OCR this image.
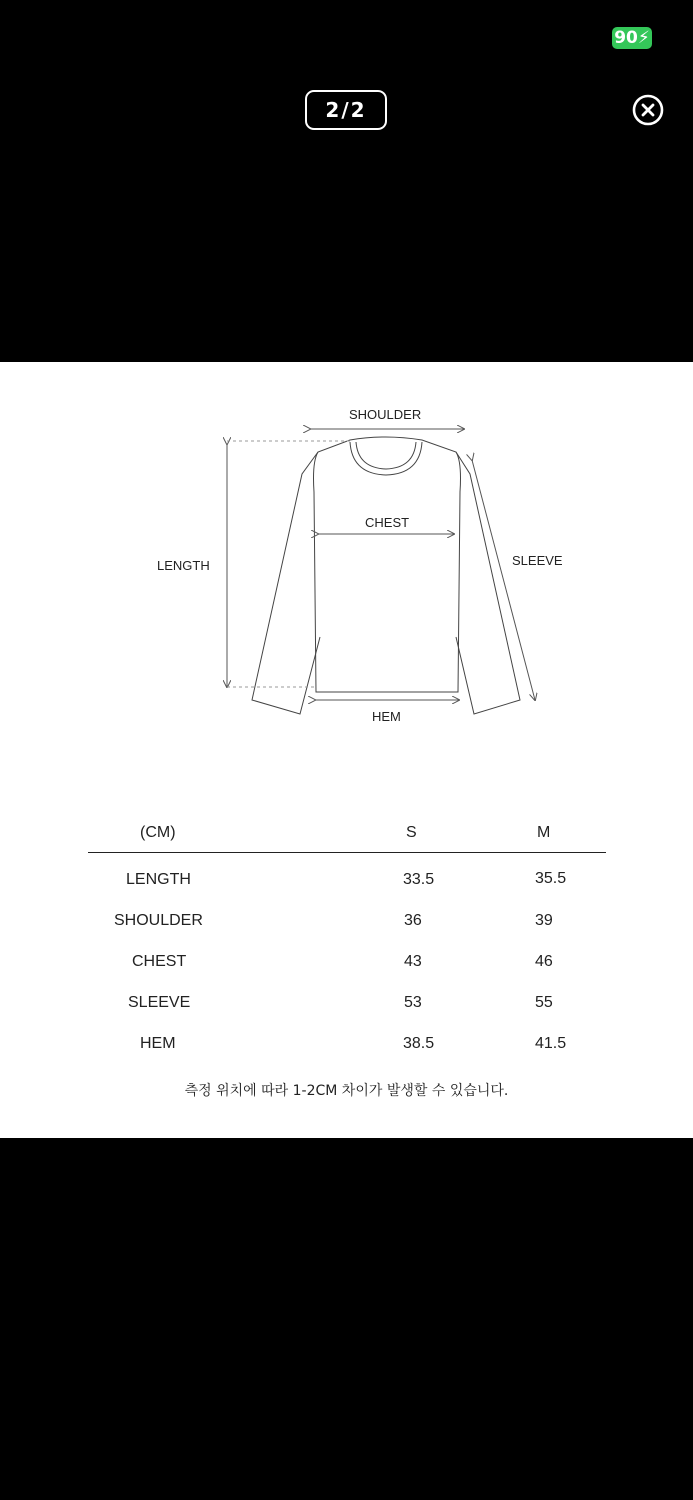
90⚡
2/2
SHOULDER
CHEST
LENGTH	SLEEVE
HEM
(CM)	S	M
LENGTH	33.5	35.5
SHOULDER	36	39
CHEST	43	46
SLEEVE	53	55
HEM	38.5	41.5
측정 위치에 따라 1-2CM 차이가 발생할 수 있습니다.
